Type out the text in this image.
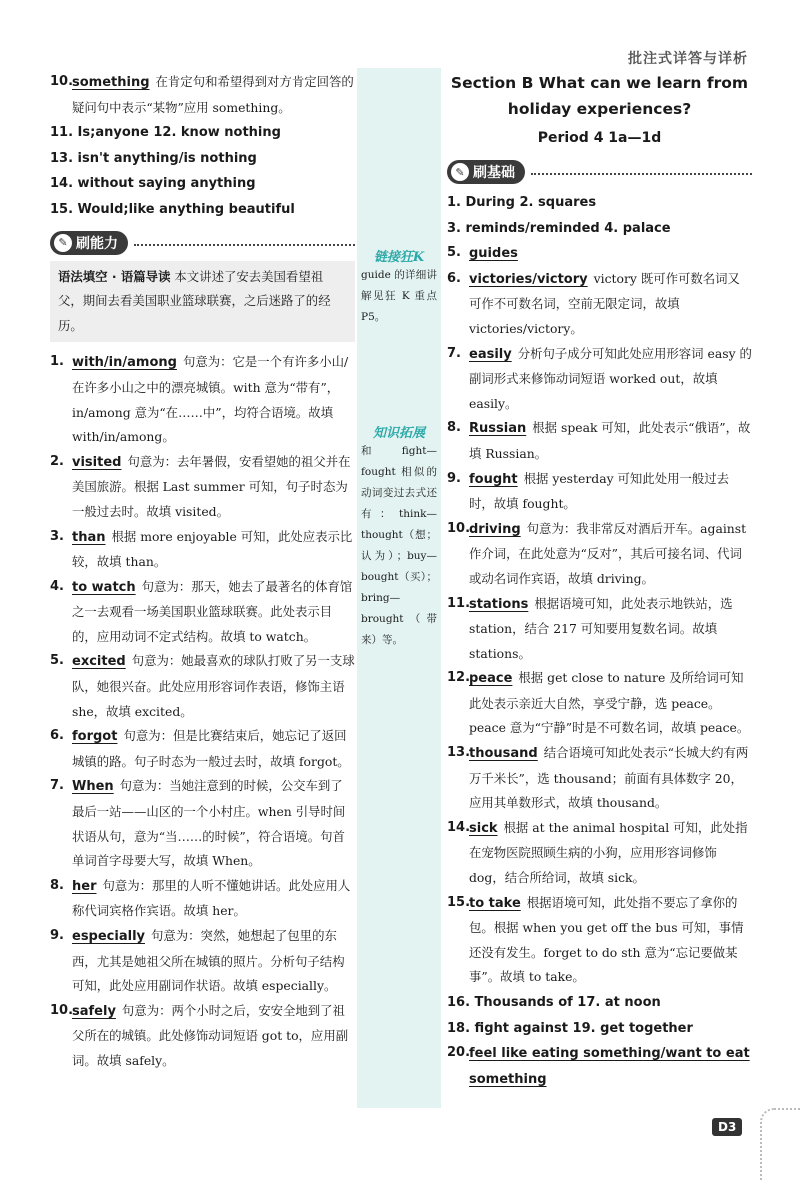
批注式详答与详析
链接狂K
guide 的详细讲解见狂 K 重点 P5。
知识拓展
和 fight—fought 相似的动词变过去式还有：think—thought（想；认为）；buy—bought（买）；bring—brought（带来）等。

10.
something 在肯定句和希望得到对方肯定回答的疑问句中表示“某物”应用 something。

11. Is;anyone 12. know nothing

13. isn't anything/is nothing

14. without saying anything

15. Would;like anything beautiful

✎ 刷能力
语法填空 · 语篇导读 本文讲述了安去美国看望祖父，期间去看美国职业篮球联赛，之后迷路了的经历。

1. with/in/among 句意为：它是一个有许多小山/在许多小山之中的漂亮城镇。with 意为“带有”，in/among 意为“在……中”，均符合语境。故填 with/in/among。

2. visited 句意为：去年暑假，安看望她的祖父并在美国旅游。根据 Last summer 可知，句子时态为一般过去时。故填 visited。

3. than 根据 more enjoyable 可知，此处应表示比较，故填 than。

4. to watch 句意为：那天，她去了最著名的体育馆之一去观看一场美国职业篮球联赛。此处表示目的，应用动词不定式结构。故填 to watch。

5. excited 句意为：她最喜欢的球队打败了另一支球队，她很兴奋。此处应用形容词作表语，修饰主语 she，故填 excited。

6. forgot 句意为：但是比赛结束后，她忘记了返回城镇的路。句子时态为一般过去时，故填 forgot。

7. When 句意为：当她注意到的时候，公交车到了最后一站——山区的一个小村庄。when 引导时间状语从句，意为“当……的时候”，符合语境。句首单词首字母要大写，故填 When。

8. her 句意为：那里的人听不懂她讲话。此处应用人称代词宾格作宾语。故填 her。

9. especially 句意为：突然，她想起了包里的东西，尤其是她祖父所在城镇的照片。分析句子结构可知，此处应用副词作状语。故填 especially。

10.
safely 句意为：两个小时之后，安安全地到了祖父所在的城镇。此处修饰动词短语 got to，应用副词。故填 safely。

Section B What can we learn from
holiday experiences?
Period 4 1a—1d
✎ 刷基础

1. During 2. squares

3. reminds/reminded 4. palace

5. guides

6. victories/victory victory 既可作可数名词又可作不可数名词，空前无限定词，故填 victories/victory。

7. easily 分析句子成分可知此处应用形容词 easy 的副词形式来修饰动词短语 worked out，故填 easily。

8. Russian 根据 speak 可知，此处表示“俄语”，故填 Russian。

9. fought 根据 yesterday 可知此处用一般过去时，故填 fought。

10.
driving 句意为：我非常反对酒后开车。against 作介词，在此处意为“反对”，其后可接名词、代词或动名词作宾语，故填 driving。

11.
stations 根据语境可知，此处表示地铁站，选 station，结合 217 可知要用复数名词。故填 stations。

12.
peace 根据 get close to nature 及所给词可知此处表示亲近大自然，享受宁静，选 peace。peace 意为“宁静”时是不可数名词，故填 peace。

13.
thousand 结合语境可知此处表示“长城大约有两万千米长”，选 thousand；前面有具体数字 20，应用其单数形式，故填 thousand。

14.
sick 根据 at the animal hospital 可知，此处指在宠物医院照顾生病的小狗，应用形容词修饰 dog，结合所给词，故填 sick。

15.
to take 根据语境可知，此处指不要忘了拿你的包。根据 when you get off the bus 可知，事情还没有发生。forget to do sth 意为“忘记要做某事”。故填 to take。

16. Thousands of 17. at noon

18. fight against 19. get together

20.
feel like eating something/want to eat something

D3
